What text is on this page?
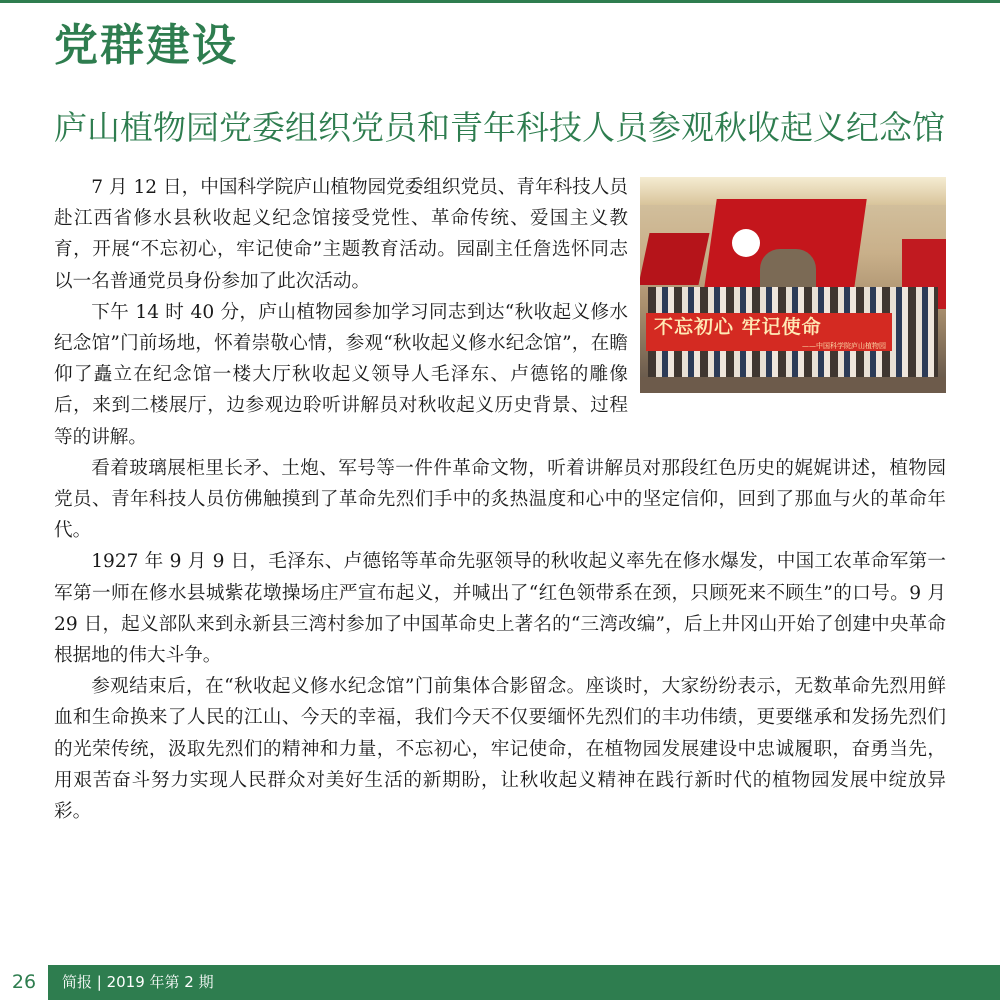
党群建设
庐山植物园党委组织党员和青年科技人员参观秋收起义纪念馆
不忘初心 牢记使命
——中国科学院庐山植物园

7 月 12 日，中国科学院庐山植物园党委组织党员、青年科技人员赴江西省修水县秋收起义纪念馆接受党性、革命传统、爱国主义教育，开展“不忘初心，牢记使命”主题教育活动。园副主任詹选怀同志以一名普通党员身份参加了此次活动。

下午 14 时 40 分，庐山植物园参加学习同志到达“秋收起义修水纪念馆”门前场地，怀着崇敬心情，参观“秋收起义修水纪念馆”，在瞻仰了矗立在纪念馆一楼大厅秋收起义领导人毛泽东、卢德铭的雕像后，来到二楼展厅，边参观边聆听讲解员对秋收起义历史背景、过程等的讲解。

看着玻璃展柜里长矛、土炮、军号等一件件革命文物，听着讲解员对那段红色历史的娓娓讲述，植物园党员、青年科技人员仿佛触摸到了革命先烈们手中的炙热温度和心中的坚定信仰，回到了那血与火的革命年代。

1927 年 9 月 9 日，毛泽东、卢德铭等革命先驱领导的秋收起义率先在修水爆发，中国工农革命军第一军第一师在修水县城紫花墩操场庄严宣布起义，并喊出了“红色领带系在颈，只顾死来不顾生”的口号。9 月 29 日，起义部队来到永新县三湾村参加了中国革命史上著名的“三湾改编”，后上井冈山开始了创建中央革命根据地的伟大斗争。

参观结束后，在“秋收起义修水纪念馆”门前集体合影留念。座谈时，大家纷纷表示，无数革命先烈用鲜血和生命换来了人民的江山、今天的幸福，我们今天不仅要缅怀先烈们的丰功伟绩，更要继承和发扬先烈们的光荣传统，汲取先烈们的精神和力量，不忘初心，牢记使命，在植物园发展建设中忠诚履职，奋勇当先，用艰苦奋斗努力实现人民群众对美好生活的新期盼，让秋收起义精神在践行新时代的植物园发展中绽放异彩。

26	简报 | 2019 年第 2 期
